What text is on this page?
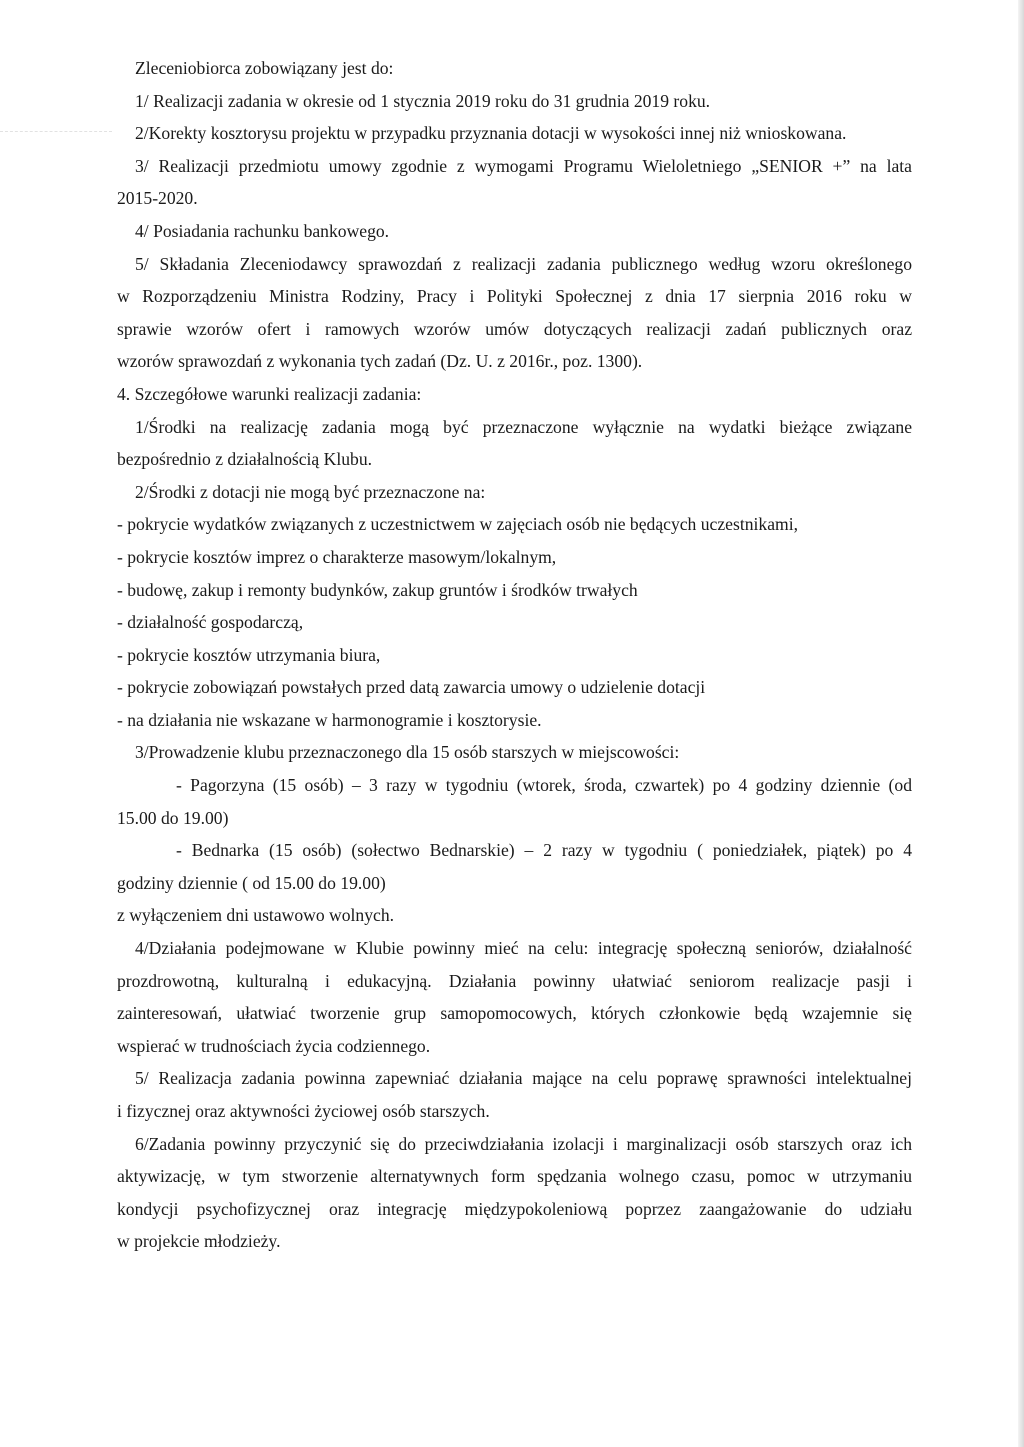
Zleceniobiorca zobowiązany jest do:
1/ Realizacji zadania w okresie od 1 stycznia 2019 roku do 31 grudnia 2019 roku.
2/Korekty kosztorysu projektu w przypadku przyznania dotacji w wysokości innej niż wnioskowana.
3/ Realizacji przedmiotu umowy zgodnie z wymogami Programu Wieloletniego „SENIOR +” na lata
2015-2020.
4/ Posiadania rachunku bankowego.
5/ Składania Zleceniodawcy sprawozdań z realizacji zadania publicznego według wzoru określonego
w Rozporządzeniu Ministra Rodziny, Pracy i Polityki Społecznej z dnia 17 sierpnia 2016 roku w
sprawie wzorów ofert i ramowych wzorów umów dotyczących realizacji zadań publicznych oraz
wzorów sprawozdań z wykonania tych zadań (Dz. U. z 2016r., poz. 1300).
4. Szczegółowe warunki realizacji zadania:
1/Środki na realizację zadania mogą być przeznaczone wyłącznie na wydatki bieżące związane
bezpośrednio z działalnością Klubu.
2/Środki z dotacji nie mogą być przeznaczone na:
- pokrycie wydatków związanych z uczestnictwem w zajęciach osób nie będących uczestnikami,
- pokrycie kosztów imprez o charakterze masowym/lokalnym,
- budowę, zakup i remonty budynków, zakup gruntów i środków trwałych
- działalność gospodarczą,
- pokrycie kosztów utrzymania biura,
- pokrycie zobowiązań powstałych przed datą zawarcia umowy o udzielenie dotacji
- na działania nie wskazane w harmonogramie i kosztorysie.
3/Prowadzenie klubu przeznaczonego dla 15 osób starszych w miejscowości:
- Pagorzyna (15 osób) – 3 razy w tygodniu (wtorek, środa, czwartek) po 4 godziny dziennie (od
15.00 do 19.00)
- Bednarka (15 osób) (sołectwo Bednarskie) – 2 razy w tygodniu ( poniedziałek, piątek) po 4
godziny dziennie ( od 15.00 do 19.00)
z wyłączeniem dni ustawowo wolnych.
4/Działania podejmowane w Klubie powinny mieć na celu: integrację społeczną seniorów, działalność
prozdrowotną, kulturalną i edukacyjną. Działania powinny ułatwiać seniorom realizacje pasji i
zainteresowań, ułatwiać tworzenie grup samopomocowych, których członkowie będą wzajemnie się
wspierać w trudnościach życia codziennego.
5/ Realizacja zadania powinna zapewniać działania mające na celu poprawę sprawności intelektualnej
i fizycznej oraz aktywności życiowej osób starszych.
6/Zadania powinny przyczynić się do przeciwdziałania izolacji i marginalizacji osób starszych oraz ich
aktywizację, w tym stworzenie alternatywnych form spędzania wolnego czasu, pomoc w utrzymaniu
kondycji psychofizycznej oraz integrację międzypokoleniową poprzez zaangażowanie do udziału
w projekcie młodzieży.
